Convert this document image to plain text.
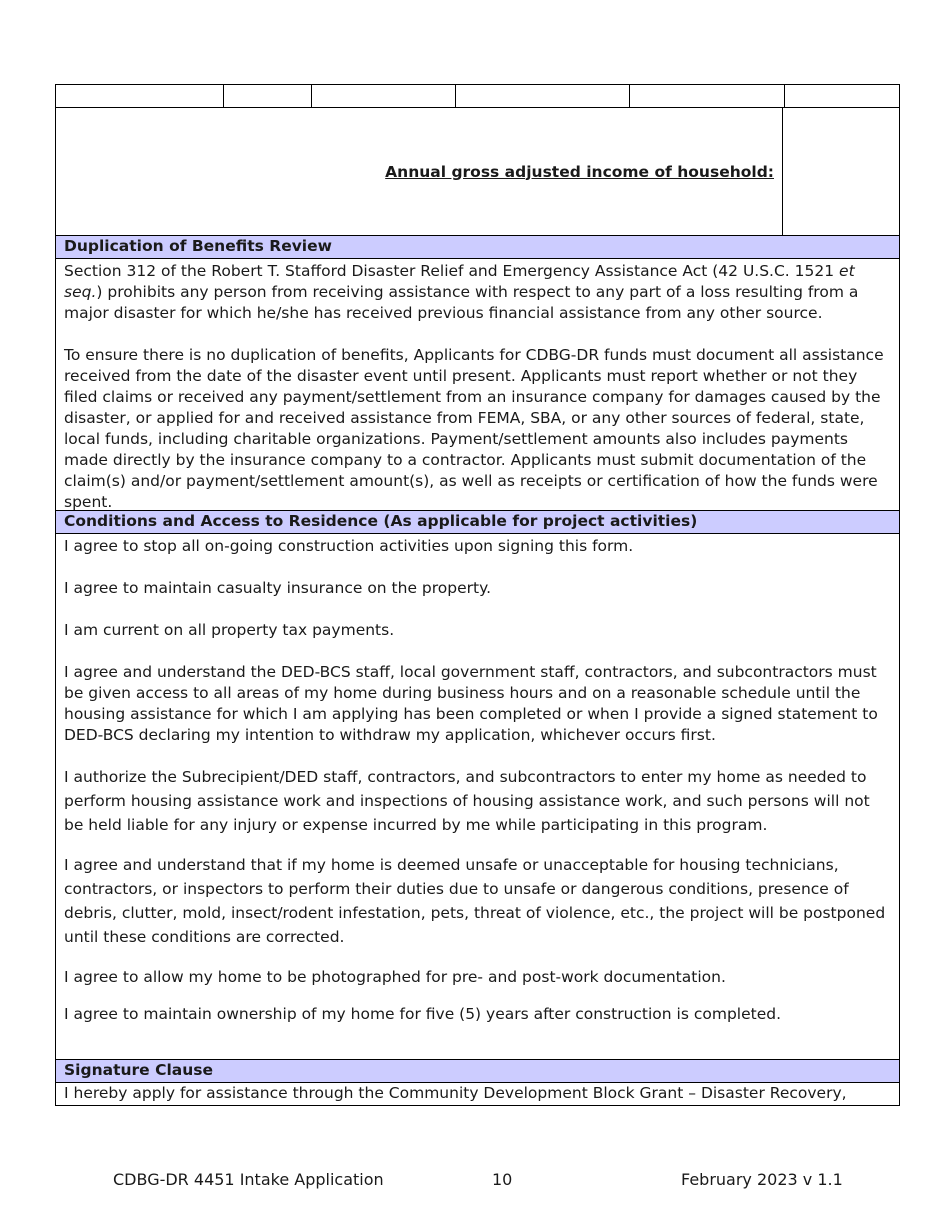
Annual gross adjusted income of household:
Duplication of Benefits Review

Section 312 of the Robert T. Stafford Disaster Relief and Emergency Assistance Act (42 U.S.C. 1521 et seq.) prohibits any person from receiving assistance with respect to any part of a loss resulting from a major disaster for which he/she has received previous financial assistance from any other source.

To ensure there is no duplication of benefits, Applicants for CDBG-DR funds must document all assistance received from the date of the disaster event until present. Applicants must report whether or not they filed claims or received any payment/settlement from an insurance company for damages caused by the disaster, or applied for and received assistance from FEMA, SBA, or any other sources of federal, state, local funds, including charitable organizations. Payment/settlement amounts also includes payments made directly by the insurance company to a contractor. Applicants must submit documentation of the claim(s) and/or payment/settlement amount(s), as well as receipts or certification of how the funds were spent.

Conditions and Access to Residence (As applicable for project activities)

I agree to stop all on-going construction activities upon signing this form.

I agree to maintain casualty insurance on the property.

I am current on all property tax payments.

I agree and understand the DED-BCS staff, local government staff, contractors, and subcontractors must be given access to all areas of my home during business hours and on a reasonable schedule until the housing assistance for which I am applying has been completed or when I provide a signed statement to DED-BCS declaring my intention to withdraw my application, whichever occurs first.

I authorize the Subrecipient/DED staff, contractors, and subcontractors to enter my home as needed to perform housing assistance work and inspections of housing assistance work, and such persons will not be held liable for any injury or expense incurred by me while participating in this program.

I agree and understand that if my home is deemed unsafe or unacceptable for housing technicians, contractors, or inspectors to perform their duties due to unsafe or dangerous conditions, presence of debris, clutter, mold, insect/rodent infestation, pets, threat of violence, etc., the project will be postponed until these conditions are corrected.

I agree to allow my home to be photographed for pre- and post-work documentation.

I agree to maintain ownership of my home for five (5) years after construction is completed.

Signature Clause
I hereby apply for assistance through the Community Development Block Grant – Disaster Recovery,
CDBG-DR 4451 Intake Application	10	February 2023 v 1.1
